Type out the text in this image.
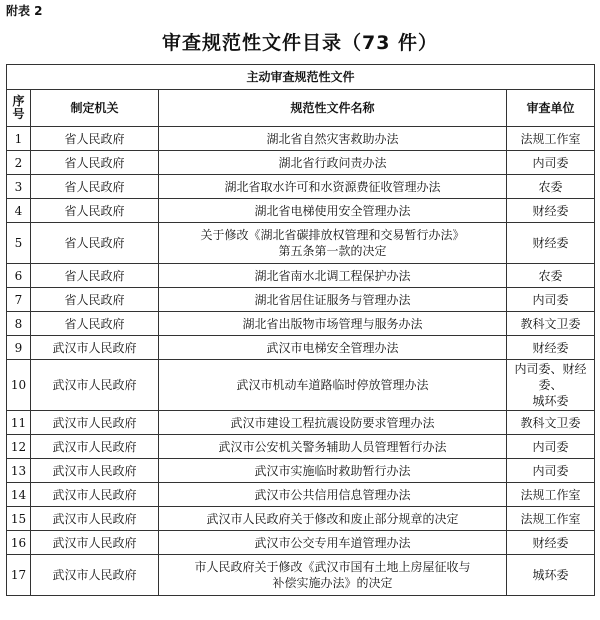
附表 2
审查规范性文件目录（73 件）
主动审查规范性文件			

序
号	制定机关	规范性文件名称	审查单位
1	省人民政府	湖北省自然灾害救助办法	法规工作室
2	省人民政府	湖北省行政问责办法	内司委
3	省人民政府	湖北省取水许可和水资源费征收管理办法	农委
4	省人民政府	湖北省电梯使用安全管理办法	财经委
5	省人民政府	关于修改《湖北省碳排放权管理和交易暂行办法》
第五条第一款的决定	财经委
6	省人民政府	湖北省南水北调工程保护办法	农委
7	省人民政府	湖北省居住证服务与管理办法	内司委
8	省人民政府	湖北省出版物市场管理与服务办法	教科文卫委
9	武汉市人民政府	武汉市电梯安全管理办法	财经委
10	武汉市人民政府	武汉市机动车道路临时停放管理办法	内司委、财经委、
城环委

11	武汉市人民政府	武汉市建设工程抗震设防要求管理办法	教科文卫委
12	武汉市人民政府	武汉市公安机关警务辅助人员管理暂行办法	内司委
13	武汉市人民政府	武汉市实施临时救助暂行办法	内司委
14	武汉市人民政府	武汉市公共信用信息管理办法	法规工作室
15	武汉市人民政府	武汉市人民政府关于修改和废止部分规章的决定	法规工作室
16	武汉市人民政府	武汉市公交专用车道管理办法	财经委
17	武汉市人民政府	市人民政府关于修改《武汉市国有土地上房屋征收与
补偿实施办法》的决定	城环委
